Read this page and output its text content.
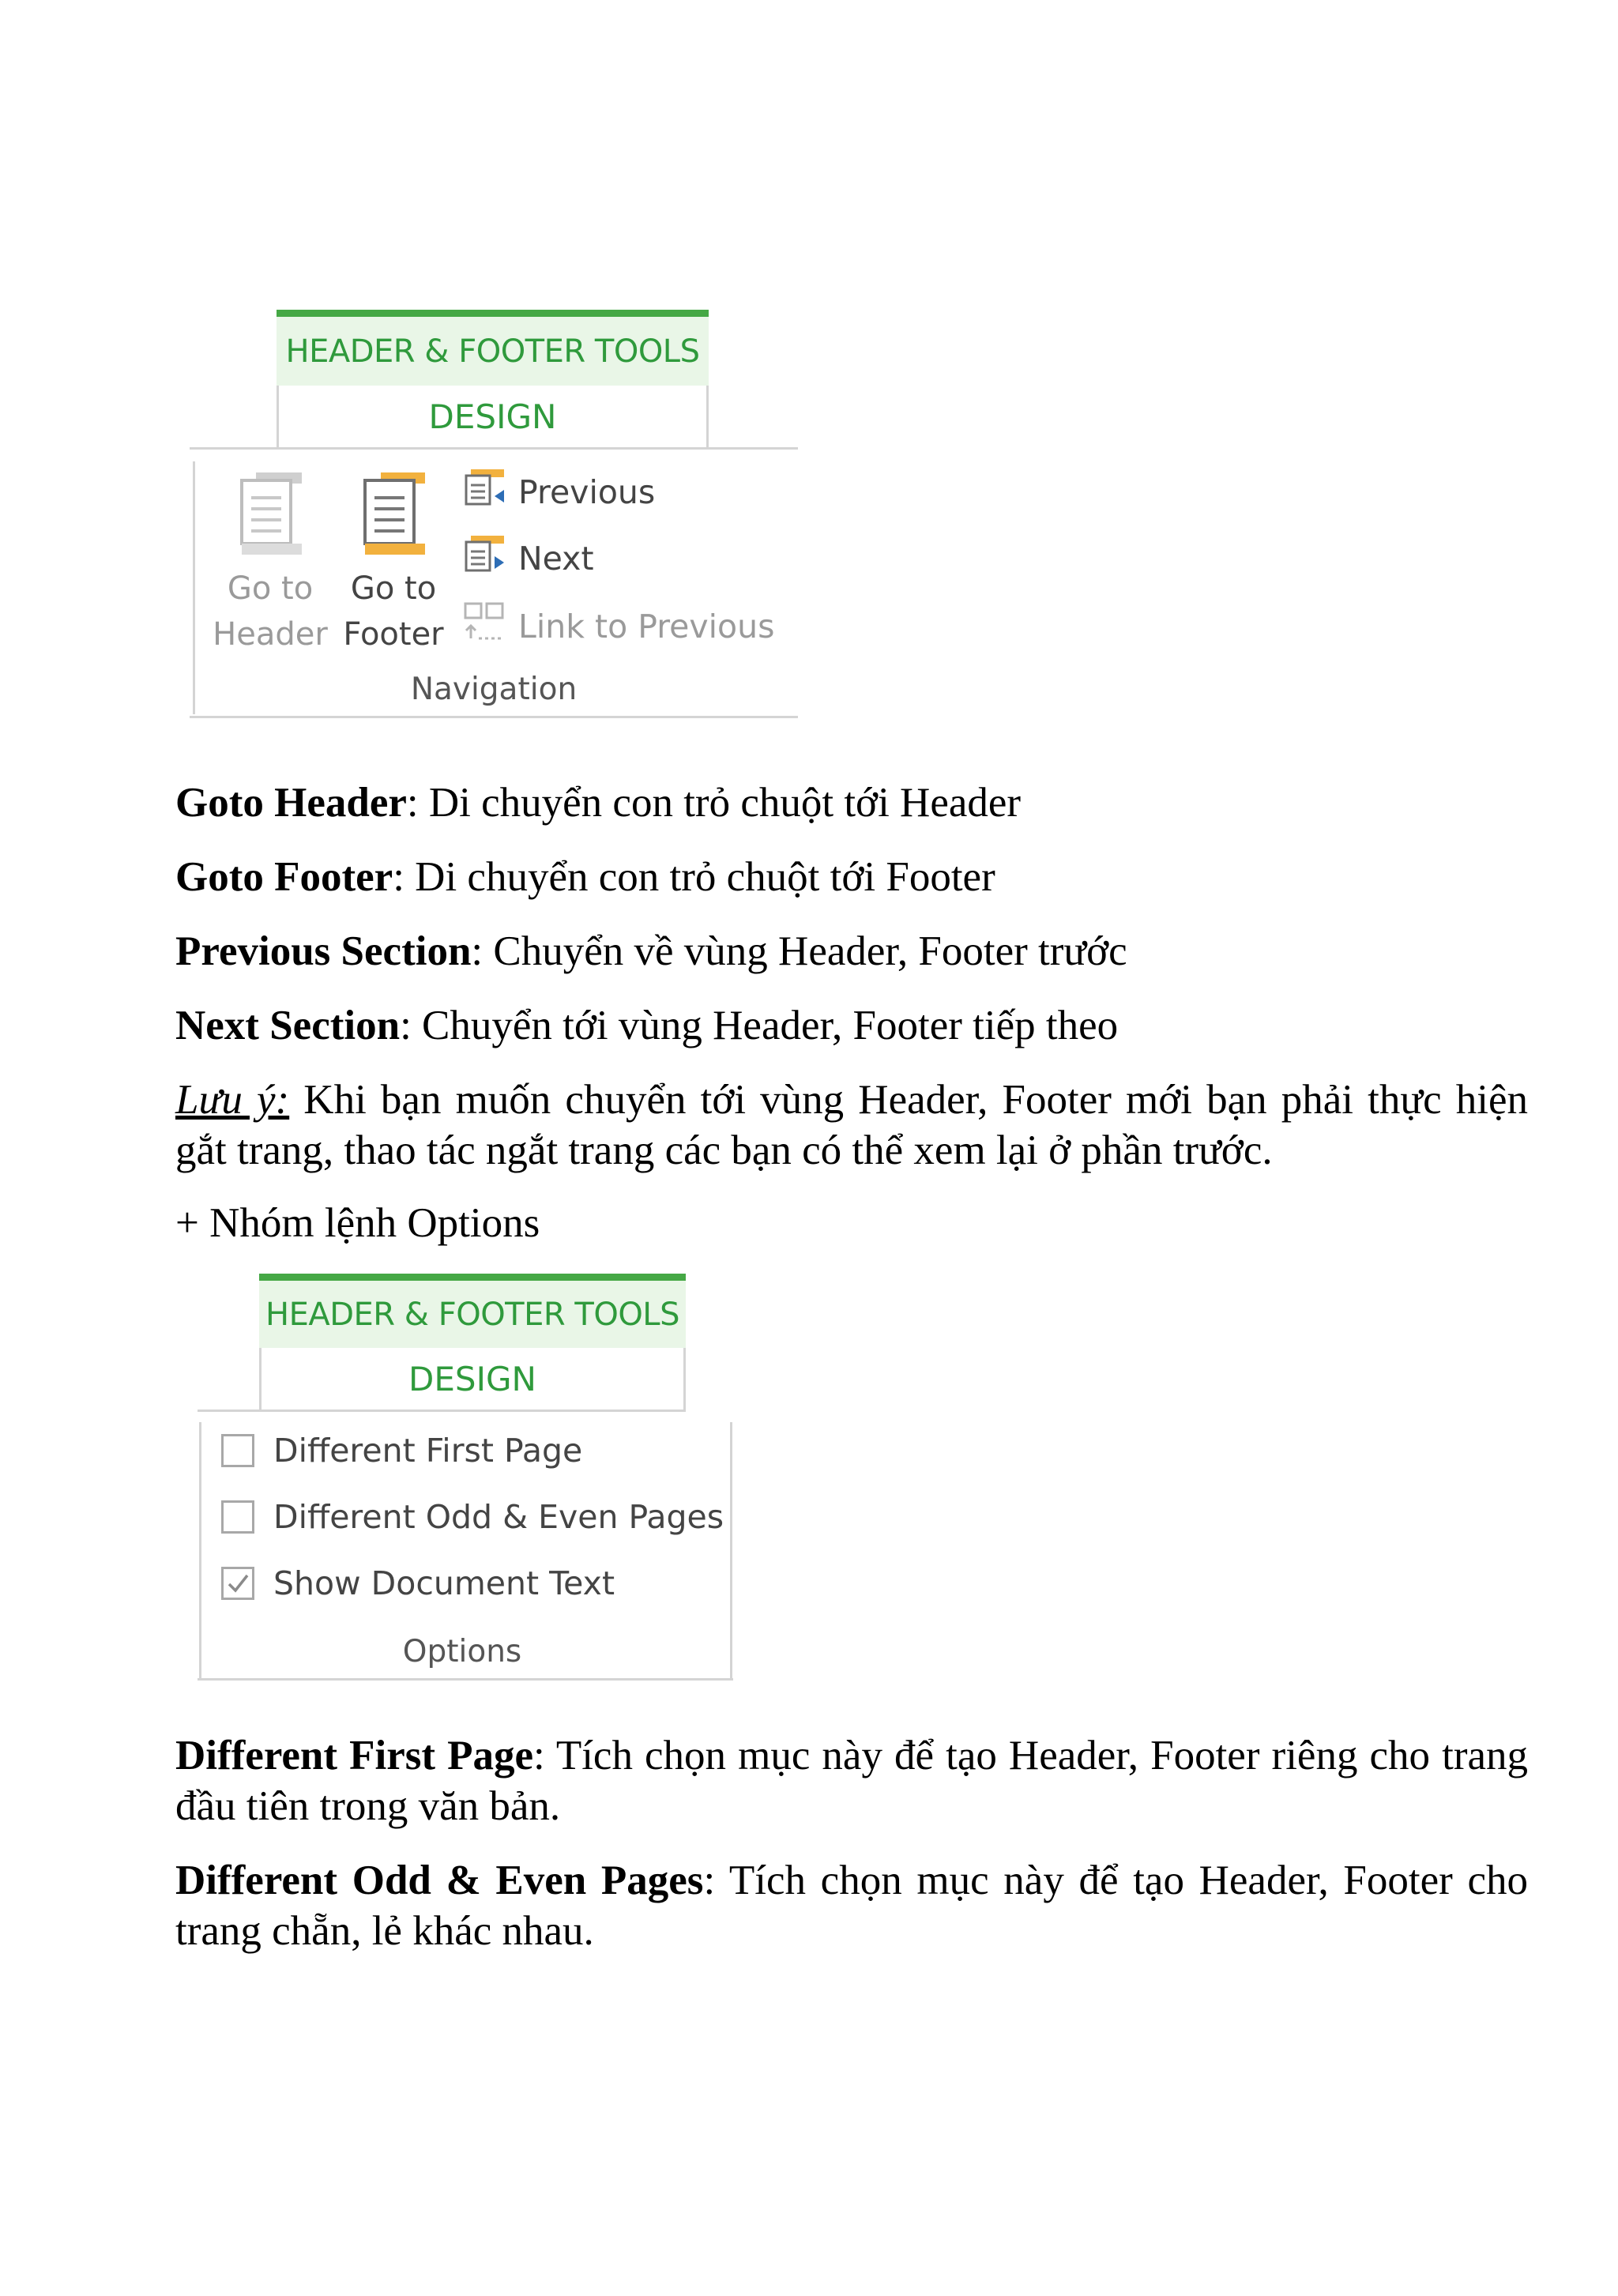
HEADER & FOOTER TOOLS
DESIGN
Go to
Header
Go to
Footer
Previous
Next
Link to Previous
Navigation
Goto Header: Di chuyển con trỏ chuột tới Header
Goto Footer: Di chuyển con trỏ chuột tới Footer
Previous Section: Chuyển về vùng Header, Footer trước
Next Section: Chuyển tới vùng Header, Footer tiếp theo
Lưu ý: Khi bạn muốn chuyển tới vùng Header, Footer mới bạn phải thực hiện gắt trang, thao tác ngắt trang các bạn có thể xem lại ở phần trước.
+ Nhóm lệnh Options
HEADER & FOOTER TOOLS
DESIGN
Different First Page
Different Odd & Even Pages
Show Document Text
Options
Different First Page: Tích chọn mục này để tạo Header, Footer riêng cho trang đầu tiên trong văn bản.
Different Odd & Even Pages: Tích chọn mục này để tạo Header, Footer cho trang chẵn, lẻ khác nhau.
